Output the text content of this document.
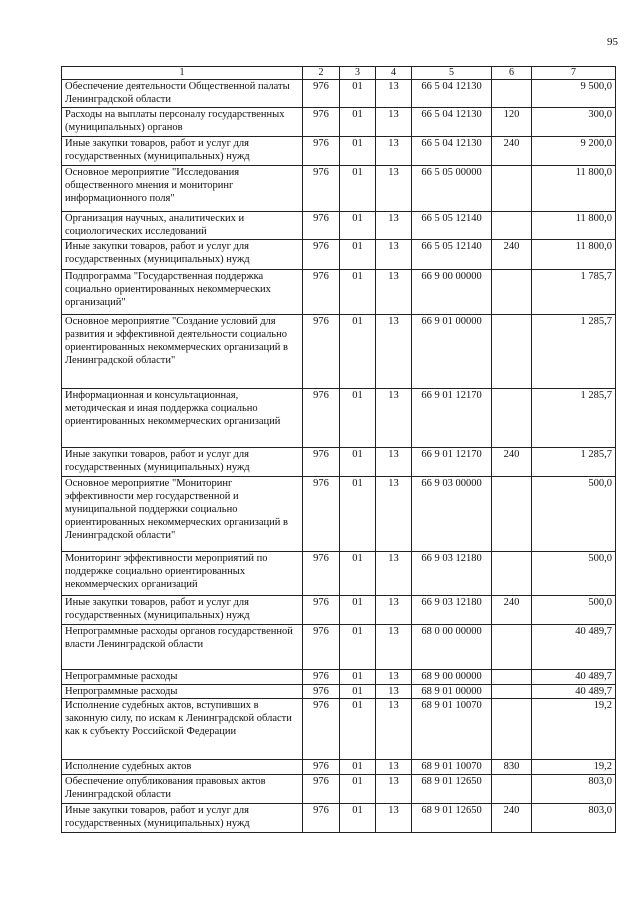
95
1	2	3	4	5	6	7
Обеспечение деятельности Общественной палаты Ленинградской области	976	01	13	66 5 04 12130		9 500,0
Расходы на выплаты персоналу государственных (муниципальных) органов	976	01	13	66 5 04 12130	120	300,0
Иные закупки товаров, работ и услуг для государственных (муниципальных) нужд	976	01	13	66 5 04 12130	240	9 200,0
Основное мероприятие "Исследования общественного мнения и мониторинг информационного поля"	976	01	13	66 5 05 00000		11 800,0
Организация научных, аналитических и социологических исследований	976	01	13	66 5 05 12140		11 800,0
Иные закупки товаров, работ и услуг для государственных (муниципальных) нужд	976	01	13	66 5 05 12140	240	11 800,0
Подпрограмма "Государственная поддержка социально ориентированных некоммерческих организаций"	976	01	13	66 9 00 00000		1 785,7
Основное мероприятие "Создание условий для развития и эффективной деятельности социально ориентированных некоммерческих организаций в Ленинградской области"	976	01	13	66 9 01 00000		1 285,7
Информационная и консультационная, методическая и иная поддержка социально ориентированных некоммерческих организаций	976	01	13	66 9 01 12170		1 285,7
Иные закупки товаров, работ и услуг для государственных (муниципальных) нужд	976	01	13	66 9 01 12170	240	1 285,7
Основное мероприятие "Мониторинг эффективности мер государственной и муниципальной поддержки социально ориентированных некоммерческих организаций в Ленинградской области"	976	01	13	66 9 03 00000		500,0
Мониторинг эффективности мероприятий по поддержке социально ориентированных некоммерческих организаций	976	01	13	66 9 03 12180		500,0
Иные закупки товаров, работ и услуг для государственных (муниципальных) нужд	976	01	13	66 9 03 12180	240	500,0
Непрограммные расходы органов государственной власти Ленинградской области	976	01	13	68 0 00 00000		40 489,7
Непрограммные расходы	976	01	13	68 9 00 00000		40 489,7
Непрограммные расходы	976	01	13	68 9 01 00000		40 489,7
Исполнение судебных актов, вступивших в законную силу, по искам к Ленинградской области как к субъекту Российской Федерации	976	01	13	68 9 01 10070		19,2
Исполнение судебных актов	976	01	13	68 9 01 10070	830	19,2
Обеспечение опубликования правовых актов Ленинградской области	976	01	13	68 9 01 12650		803,0
Иные закупки товаров, работ и услуг для государственных (муниципальных) нужд	976	01	13	68 9 01 12650	240	803,0
